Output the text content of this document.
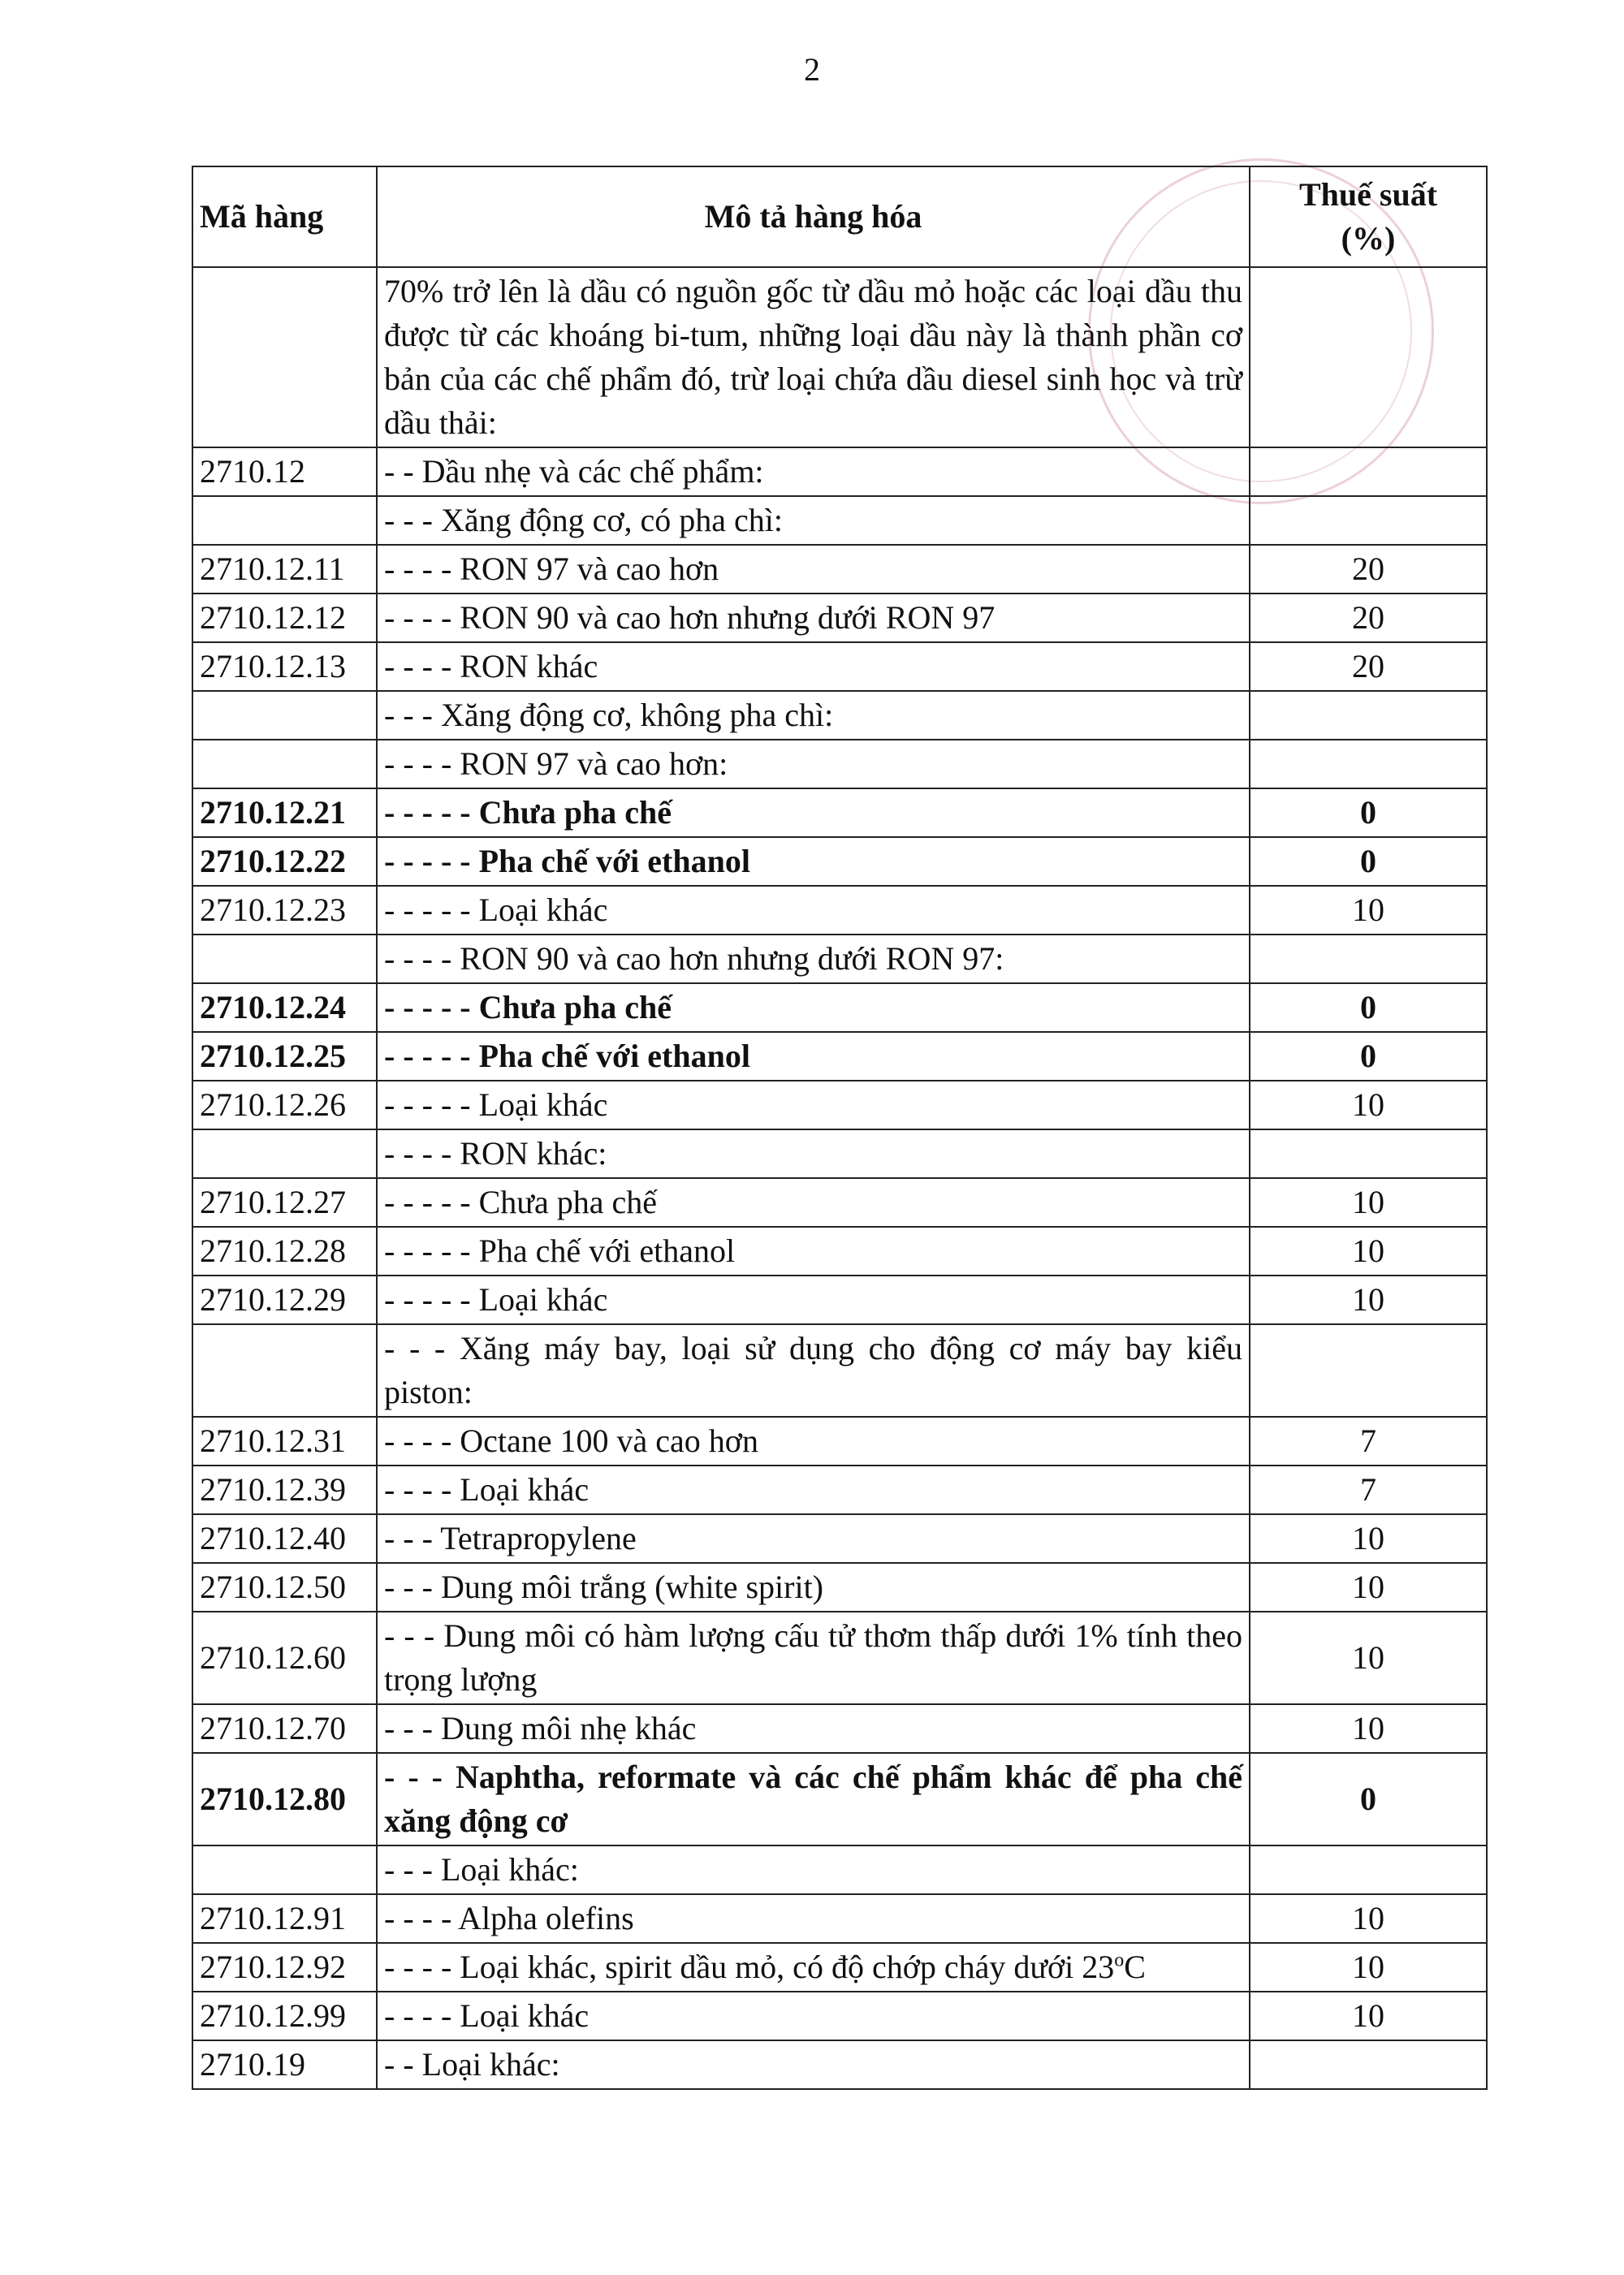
2
Mã hàng	Mô tả hàng hóa	Thuế suất
(%)

	70% trở lên là dầu có nguồn gốc từ dầu mỏ hoặc các loại dầu thu được từ các khoáng bi-tum, những loại dầu này là thành phần cơ bản của các chế phẩm đó, trừ loại chứa dầu diesel sinh học và trừ dầu thải:	
2710.12	- - Dầu nhẹ và các chế phẩm:	
	- - - Xăng động cơ, có pha chì:	
2710.12.11	- - - - RON 97 và cao hơn	20
2710.12.12	- - - - RON 90 và cao hơn nhưng dưới RON 97	20
2710.12.13	- - - - RON khác	20
	- - - Xăng động cơ, không pha chì:	
	- - - - RON 97 và cao hơn:	
2710.12.21	- - - - - Chưa pha chế	0
2710.12.22	- - - - - Pha chế với ethanol	0
2710.12.23	- - - - - Loại khác	10
	- - - - RON 90 và cao hơn nhưng dưới RON 97:	
2710.12.24	- - - - - Chưa pha chế	0
2710.12.25	- - - - - Pha chế với ethanol	0
2710.12.26	- - - - - Loại khác	10
	- - - - RON khác:	
2710.12.27	- - - - - Chưa pha chế	10
2710.12.28	- - - - - Pha chế với ethanol	10
2710.12.29	- - - - - Loại khác	10
	- - - Xăng máy bay, loại sử dụng cho động cơ máy bay kiểu piston:	
2710.12.31	- - - - Octane 100 và cao hơn	7
2710.12.39	- - - - Loại khác	7
2710.12.40	- - - Tetrapropylene	10
2710.12.50	- - - Dung môi trắng (white spirit)	10
2710.12.60	- - - Dung môi có hàm lượng cấu tử thơm thấp dưới 1% tính theo trọng lượng	10
2710.12.70	- - - Dung môi nhẹ khác	10
2710.12.80	- - - Naphtha, reformate và các chế phẩm khác để pha chế xăng động cơ	0
	- - - Loại khác:	
2710.12.91	- - - - Alpha olefins	10
2710.12.92	- - - - Loại khác, spirit dầu mỏ, có độ chớp cháy dưới 23$^o$C	10
2710.12.99	- - - - Loại khác	10
2710.19	- - Loại khác:	
